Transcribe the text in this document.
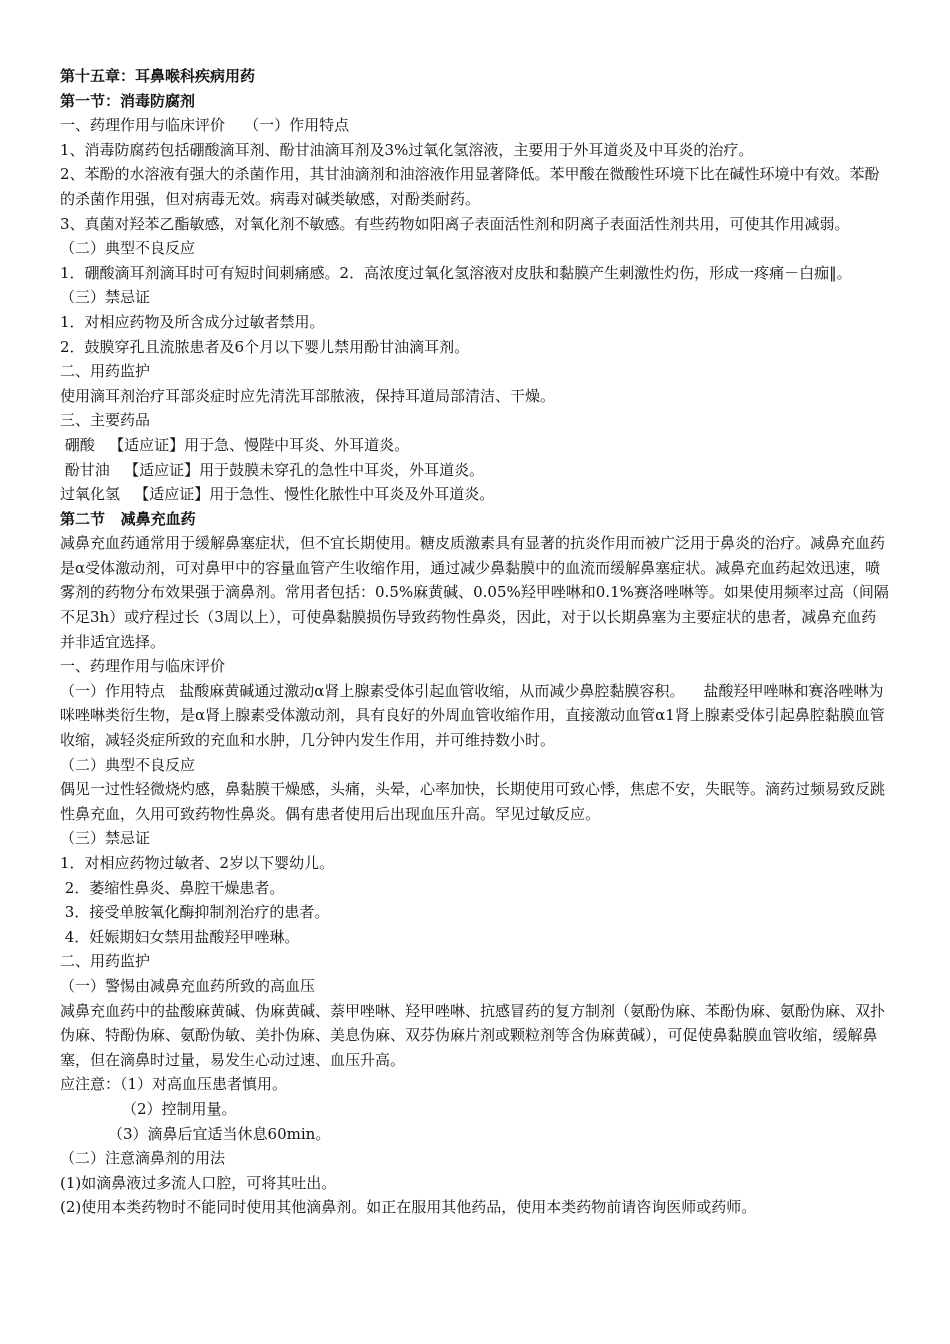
第十五章：耳鼻喉科疾病用药
第一节：消毒防腐剂
一、药理作用与临床评价    （一）作用特点
1、消毒防腐药包括硼酸滴耳剂、酚甘油滴耳剂及3%过氧化氢溶液，主要用于外耳道炎及中耳炎的治疗。
2、苯酚的水溶液有强大的杀菌作用，其甘油滴剂和油溶液作用显著降低。苯甲酸在微酸性环境下比在碱性环境中有效。苯酚的杀菌作用强，但对病毒无效。病毒对碱类敏感，对酚类耐药。
3、真菌对羟苯乙酯敏感，对氧化剂不敏感。有些药物如阳离子表面活性剂和阴离子表面活性剂共用，可使其作用减弱。
（二）典型不良反应
1．硼酸滴耳剂滴耳时可有短时间刺痛感。2．高浓度过氧化氢溶液对皮肤和黏膜产生刺激性灼伤，形成一疼痛－白痂‖。
（三）禁忌证
1．对相应药物及所含成分过敏者禁用。
2．鼓膜穿孔且流脓患者及6个月以下婴儿禁用酚甘油滴耳剂。
二、用药监护
使用滴耳剂治疗耳部炎症时应先清洗耳部脓液，保持耳道局部清洁、干燥。
三、主要药品
硼酸   【适应证】用于急、慢陛中耳炎、外耳道炎。
酚甘油   【适应证】用于鼓膜未穿孔的急性中耳炎，外耳道炎。
过氧化氢   【适应证】用于急性、慢性化脓性中耳炎及外耳道炎。
第二节   减鼻充血药
减鼻充血药通常用于缓解鼻塞症状，但不宜长期使用。糖皮质激素具有显著的抗炎作用而被广泛用于鼻炎的治疗。减鼻充血药是α受体激动剂，可对鼻甲中的容量血管产生收缩作用，通过减少鼻黏膜中的血流而缓解鼻塞症状。减鼻充血药起效迅速，喷雾剂的药物分布效果强于滴鼻剂。常用者包括：0.5%麻黄碱、0.05%羟甲唑啉和0.1%赛洛唑啉等。如果使用频率过高（间隔不足3h）或疗程过长（3周以上），可使鼻黏膜损伤导致药物性鼻炎，因此，对于以长期鼻塞为主要症状的患者，减鼻充血药并非适宜选择。
一、药理作用与临床评价
（一）作用特点   盐酸麻黄碱通过激动α肾上腺素受体引起血管收缩，从而减少鼻腔黏膜容积。    盐酸羟甲唑啉和赛洛唑啉为咪唑啉类衍生物，是α肾上腺素受体激动剂，具有良好的外周血管收缩作用，直接激动血管α1肾上腺素受体引起鼻腔黏膜血管收缩，减轻炎症所致的充血和水肿，几分钟内发生作用，并可维持数小时。
（二）典型不良反应
偶见一过性轻微烧灼感，鼻黏膜干燥感，头痛，头晕，心率加快，长期使用可致心悸，焦虑不安，失眠等。滴药过频易致反跳性鼻充血，久用可致药物性鼻炎。偶有患者使用后出现血压升高。罕见过敏反应。
（三）禁忌证
1．对相应药物过敏者、2岁以下婴幼儿。
2．萎缩性鼻炎、鼻腔干燥患者。
3．接受单胺氧化酶抑制剂治疗的患者。
4．妊娠期妇女禁用盐酸羟甲唑琳。
二、用药监护
（一）警惕由减鼻充血药所致的高血压
减鼻充血药中的盐酸麻黄碱、伪麻黄碱、萘甲唑啉、羟甲唑啉、抗感冒药的复方制剂（氨酚伪麻、苯酚伪麻、氨酚伪麻、双扑伪麻、特酚伪麻、氨酚伪敏、美扑伪麻、美息伪麻、双芬伪麻片剂或颗粒剂等含伪麻黄碱），可促使鼻黏膜血管收缩，缓解鼻塞，但在滴鼻时过量，易发生心动过速、血压升高。
应注意：（1）对高血压患者慎用。
（2）控制用量。
（3）滴鼻后宜适当休息60min。
（二）注意滴鼻剂的用法
(1)如滴鼻液过多流人口腔，可将其吐出。
(2)使用本类药物时不能同时使用其他滴鼻剂。如正在服用其他药品，使用本类药物前请咨询医师或药师。
